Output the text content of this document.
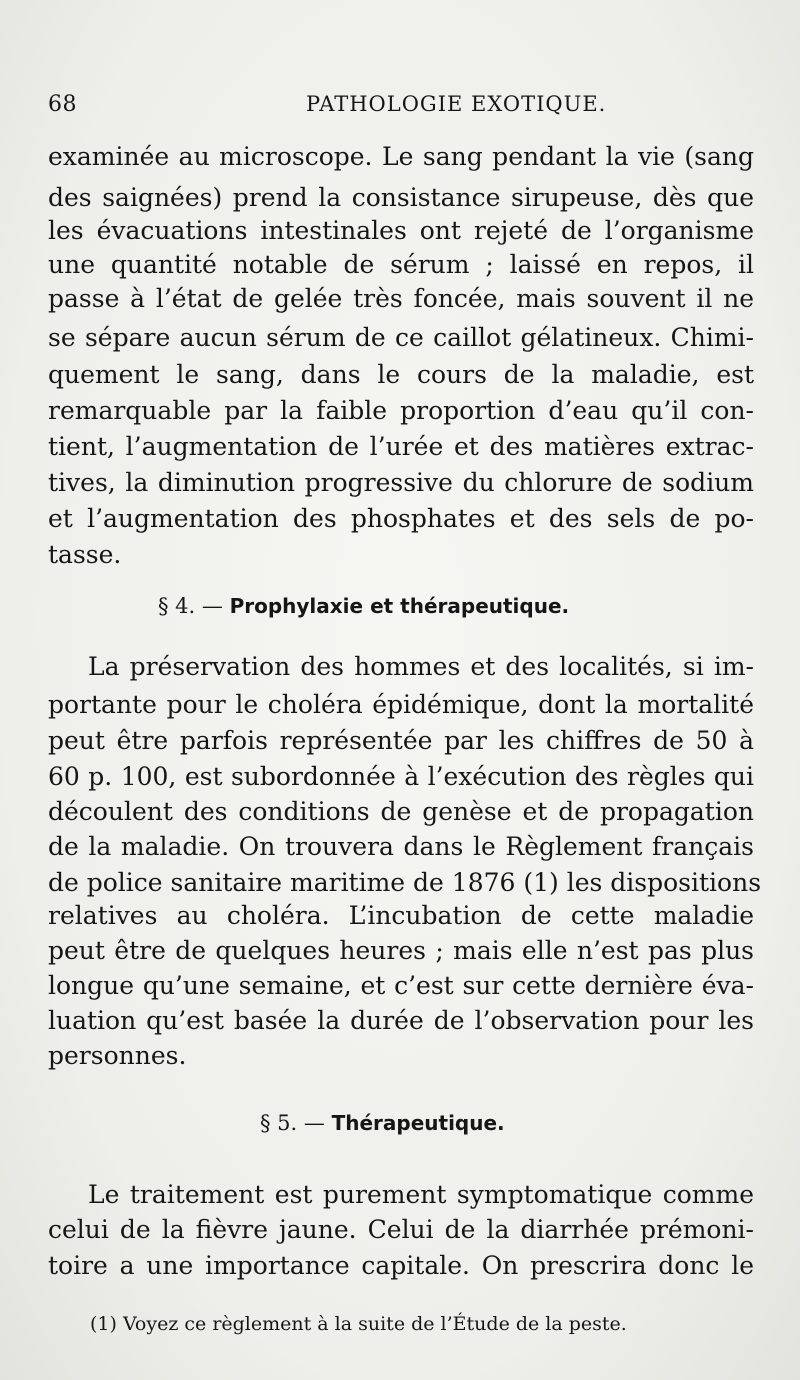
68	PATHOLOGIE EXOTIQUE.
examinée au microscope. Le sang pendant la vie (sang
des saignées) prend la consistance sirupeuse, dès que
les évacuations intestinales ont rejeté de l’organisme
une quantité notable de sérum ; laissé en repos, il
passe à l’état de gelée très foncée, mais souvent il ne
se sépare aucun sérum de ce caillot gélatineux. Chimi-
quement le sang, dans le cours de la maladie, est
remarquable par la faible proportion d’eau qu’il con-
tient, l’augmentation de l’urée et des matières extrac-
tives, la diminution progressive du chlorure de sodium
et l’augmentation des phosphates et des sels de po-
tasse.
§ 4. — Prophylaxie et thérapeutique.
La préservation des hommes et des localités, si im-
portante pour le choléra épidémique, dont la mortalité
peut être parfois représentée par les chiffres de 50 à
60 p. 100, est subordonnée à l’exécution des règles qui
découlent des conditions de genèse et de propagation
de la maladie. On trouvera dans le Règlement français
de police sanitaire maritime de 1876 (1) les dispositions
relatives au choléra. L’incubation de cette maladie
peut être de quelques heures ; mais elle n’est pas plus
longue qu’une semaine, et c’est sur cette dernière éva-
luation qu’est basée la durée de l’observation pour les
personnes.
§ 5. — Thérapeutique.
Le traitement est purement symptomatique comme
celui de la fièvre jaune. Celui de la diarrhée prémoni-
toire a une importance capitale. On prescrira donc le
(1) Voyez ce règlement à la suite de l’Étude de la peste.
